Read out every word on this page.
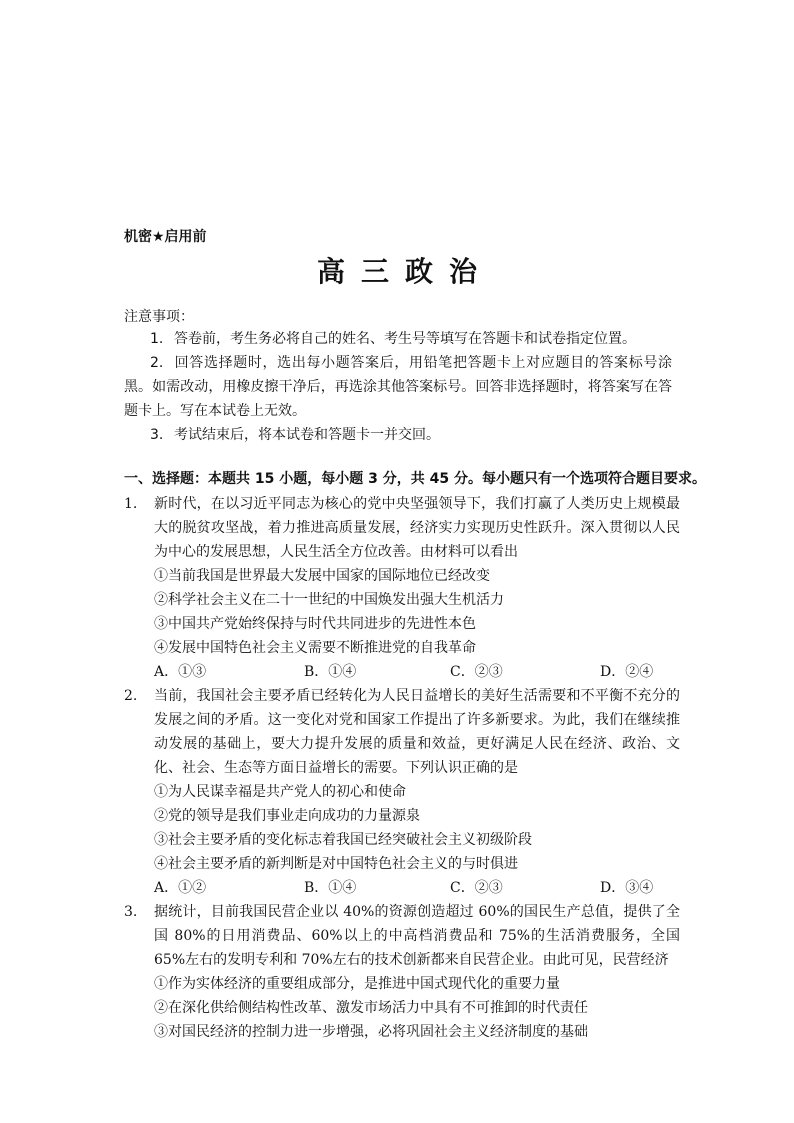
机密★启用前
高三政治
注意事项：
1. 答卷前，考生务必将自己的姓名、考生号等填写在答题卡和试卷指定位置。
2. 回答选择题时，选出每小题答案后，用铅笔把答题卡上对应题目的答案标号涂黑。如需改动，用橡皮擦干净后，再选涂其他答案标号。回答非选择题时，将答案写在答题卡上。写在本试卷上无效。
3. 考试结束后，将本试卷和答题卡一并交回。
一、选择题：本题共 15 小题，每小题 3 分，共 45 分。每小题只有一个选项符合题目要求。
1.	新时代，在以习近平同志为核心的党中央坚强领导下，我们打赢了人类历史上规模最大的脱贫攻坚战，着力推进高质量发展，经济实力实现历史性跃升。深入贯彻以人民为中心的发展思想，人民生活全方位改善。由材料可以看出
①当前我国是世界最大发展中国家的国际地位已经改变
②科学社会主义在二十一世纪的中国焕发出强大生机活力
③中国共产党始终保持与时代共同进步的先进性本色
④发展中国特色社会主义需要不断推进党的自我革命
A．①③	B．①④	C．②③	D．②④
2.	当前，我国社会主要矛盾已经转化为人民日益增长的美好生活需要和不平衡不充分的发展之间的矛盾。这一变化对党和国家工作提出了许多新要求。为此，我们在继续推动发展的基础上，要大力提升发展的质量和效益，更好满足人民在经济、政治、文化、社会、生态等方面日益增长的需要。下列认识正确的是
①为人民谋幸福是共产党人的初心和使命
②党的领导是我们事业走向成功的力量源泉
③社会主要矛盾的变化标志着我国已经突破社会主义初级阶段
④社会主要矛盾的新判断是对中国特色社会主义的与时俱进
A．①②	B．①④	C．②③	D．③④
3.	据统计，目前我国民营企业以 40%的资源创造超过 60%的国民生产总值，提供了全国 80%的日用消费品、60%以上的中高档消费品和 75%的生活消费服务，全国 65%左右的发明专利和 70%左右的技术创新都来自民营企业。由此可见，民营经济
①作为实体经济的重要组成部分，是推进中国式现代化的重要力量
②在深化供给侧结构性改革、激发市场活力中具有不可推卸的时代责任
③对国民经济的控制力进一步增强，必将巩固社会主义经济制度的基础
